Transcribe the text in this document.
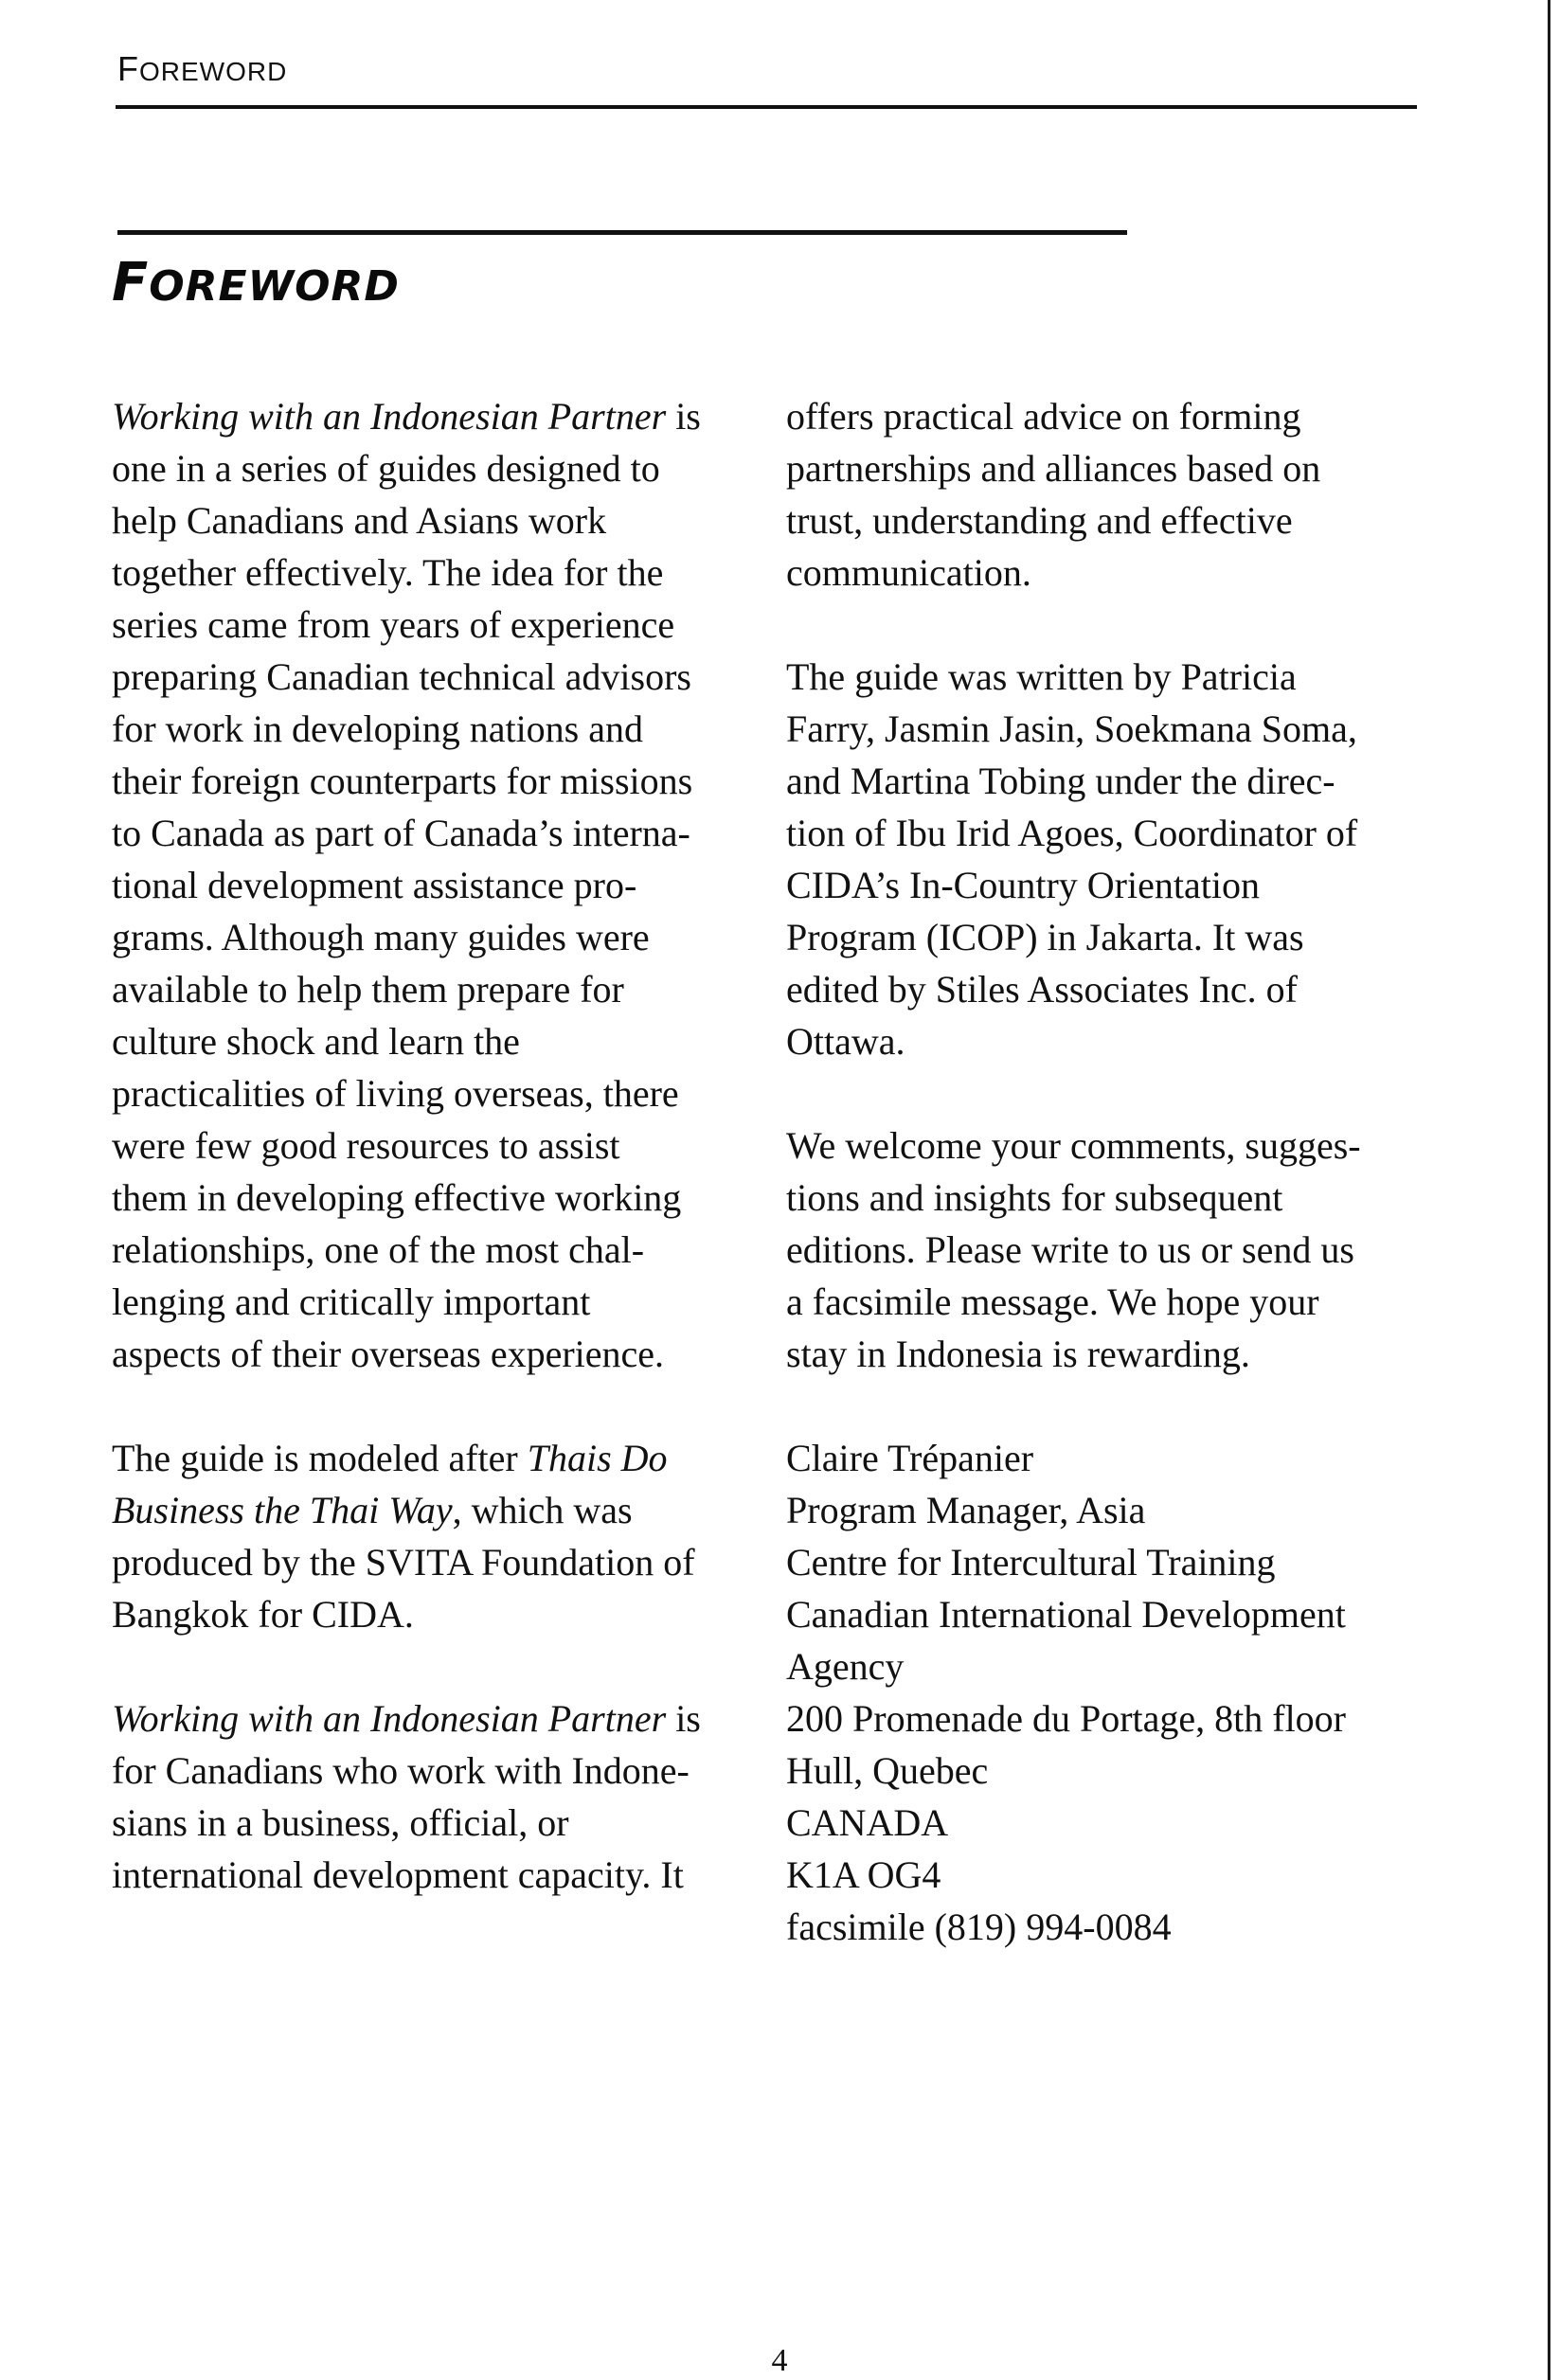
FOREWORD
FOREWORD

Working with an Indonesian Partner is
one in a series of guides designed to
help Canadians and Asians work
together effectively. The idea for the
series came from years of experience
preparing Canadian technical advisors
for work in developing nations and
their foreign counterparts for missions
to Canada as part of Canada’s interna-
tional development assistance pro-
grams. Although many guides were
available to help them prepare for
culture shock and learn the
practicalities of living overseas, there
were few good resources to assist
them in developing effective working
relationships, one of the most chal-
lenging and critically important
aspects of their overseas experience.

The guide is modeled after Thais Do
Business the Thai Way, which was
produced by the SVITA Foundation of
Bangkok for CIDA.

Working with an Indonesian Partner is
for Canadians who work with Indone-
sians in a business, official, or
international development capacity. It

offers practical advice on forming
partnerships and alliances based on
trust, understanding and effective
communication.

The guide was written by Patricia
Farry, Jasmin Jasin, Soekmana Soma,
and Martina Tobing under the direc-
tion of Ibu Irid Agoes, Coordinator of
CIDA’s In-Country Orientation
Program (ICOP) in Jakarta. It was
edited by Stiles Associates Inc. of
Ottawa.

We welcome your comments, sugges-
tions and insights for subsequent
editions. Please write to us or send us
a facsimile message. We hope your
stay in Indonesia is rewarding.

Claire Trépanier
Program Manager, Asia
Centre for Intercultural Training
Canadian International Development
Agency
200 Promenade du Portage, 8th floor
Hull, Quebec
CANADA
K1A OG4
facsimile (819) 994-0084
4
